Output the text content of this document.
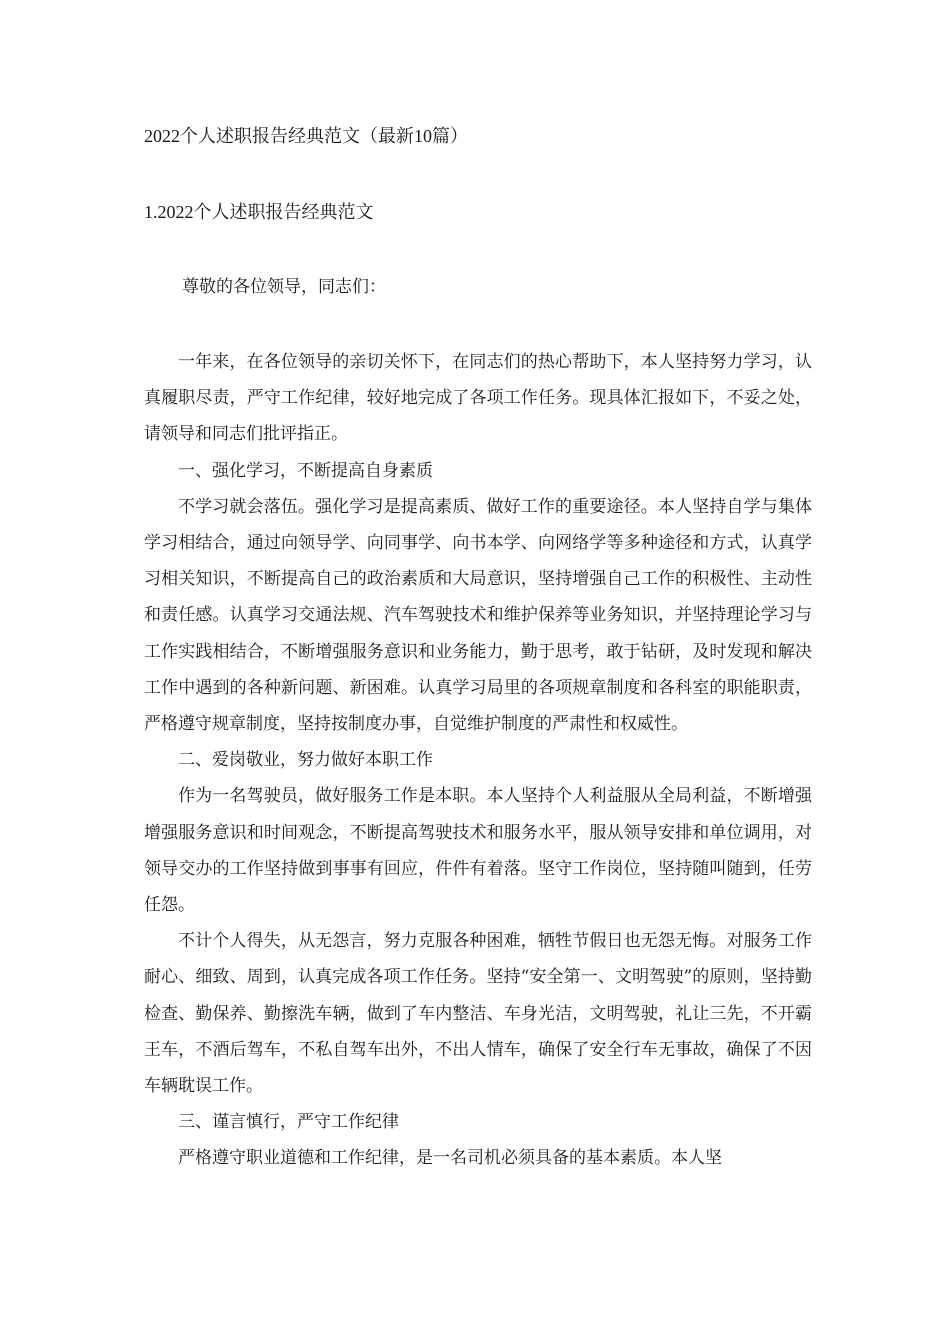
2022个人述职报告经典范文（最新10篇）
1.2022个人述职报告经典范文
尊敬的各位领导，同志们：

一年来，在各位领导的亲切关怀下，在同志们的热心帮助下，本人坚持努力学习，认真履职尽责，严守工作纪律，较好地完成了各项工作任务。现具体汇报如下，不妥之处，请领导和同志们批评指正。

一、强化学习，不断提高自身素质

不学习就会落伍。强化学习是提高素质、做好工作的重要途径。本人坚持自学与集体学习相结合，通过向领导学、向同事学、向书本学、向网络学等多种途径和方式，认真学习相关知识，不断提高自己的政治素质和大局意识，坚持增强自己工作的积极性、主动性和责任感。认真学习交通法规、汽车驾驶技术和维护保养等业务知识，并坚持理论学习与工作实践相结合，不断增强服务意识和业务能力，勤于思考，敢于钻研，及时发现和解决工作中遇到的各种新问题、新困难。认真学习局里的各项规章制度和各科室的职能职责，严格遵守规章制度，坚持按制度办事，自觉维护制度的严肃性和权威性。

二、爱岗敬业，努力做好本职工作

作为一名驾驶员，做好服务工作是本职。本人坚持个人利益服从全局利益，不断增强增强服务意识和时间观念，不断提高驾驶技术和服务水平，服从领导安排和单位调用，对领导交办的工作坚持做到事事有回应，件件有着落。坚守工作岗位，坚持随叫随到，任劳任怨。

不计个人得失，从无怨言，努力克服各种困难，牺牲节假日也无怨无悔。对服务工作耐心、细致、周到，认真完成各项工作任务。坚持“安全第一、文明驾驶”的原则，坚持勤检查、勤保养、勤擦洗车辆，做到了车内整洁、车身光洁，文明驾驶，礼让三先，不开霸王车，不酒后驾车，不私自驾车出外，不出人情车，确保了安全行车无事故，确保了不因车辆耽误工作。

三、谨言慎行，严守工作纪律

严格遵守职业道德和工作纪律，是一名司机必须具备的基本素质。本人坚
